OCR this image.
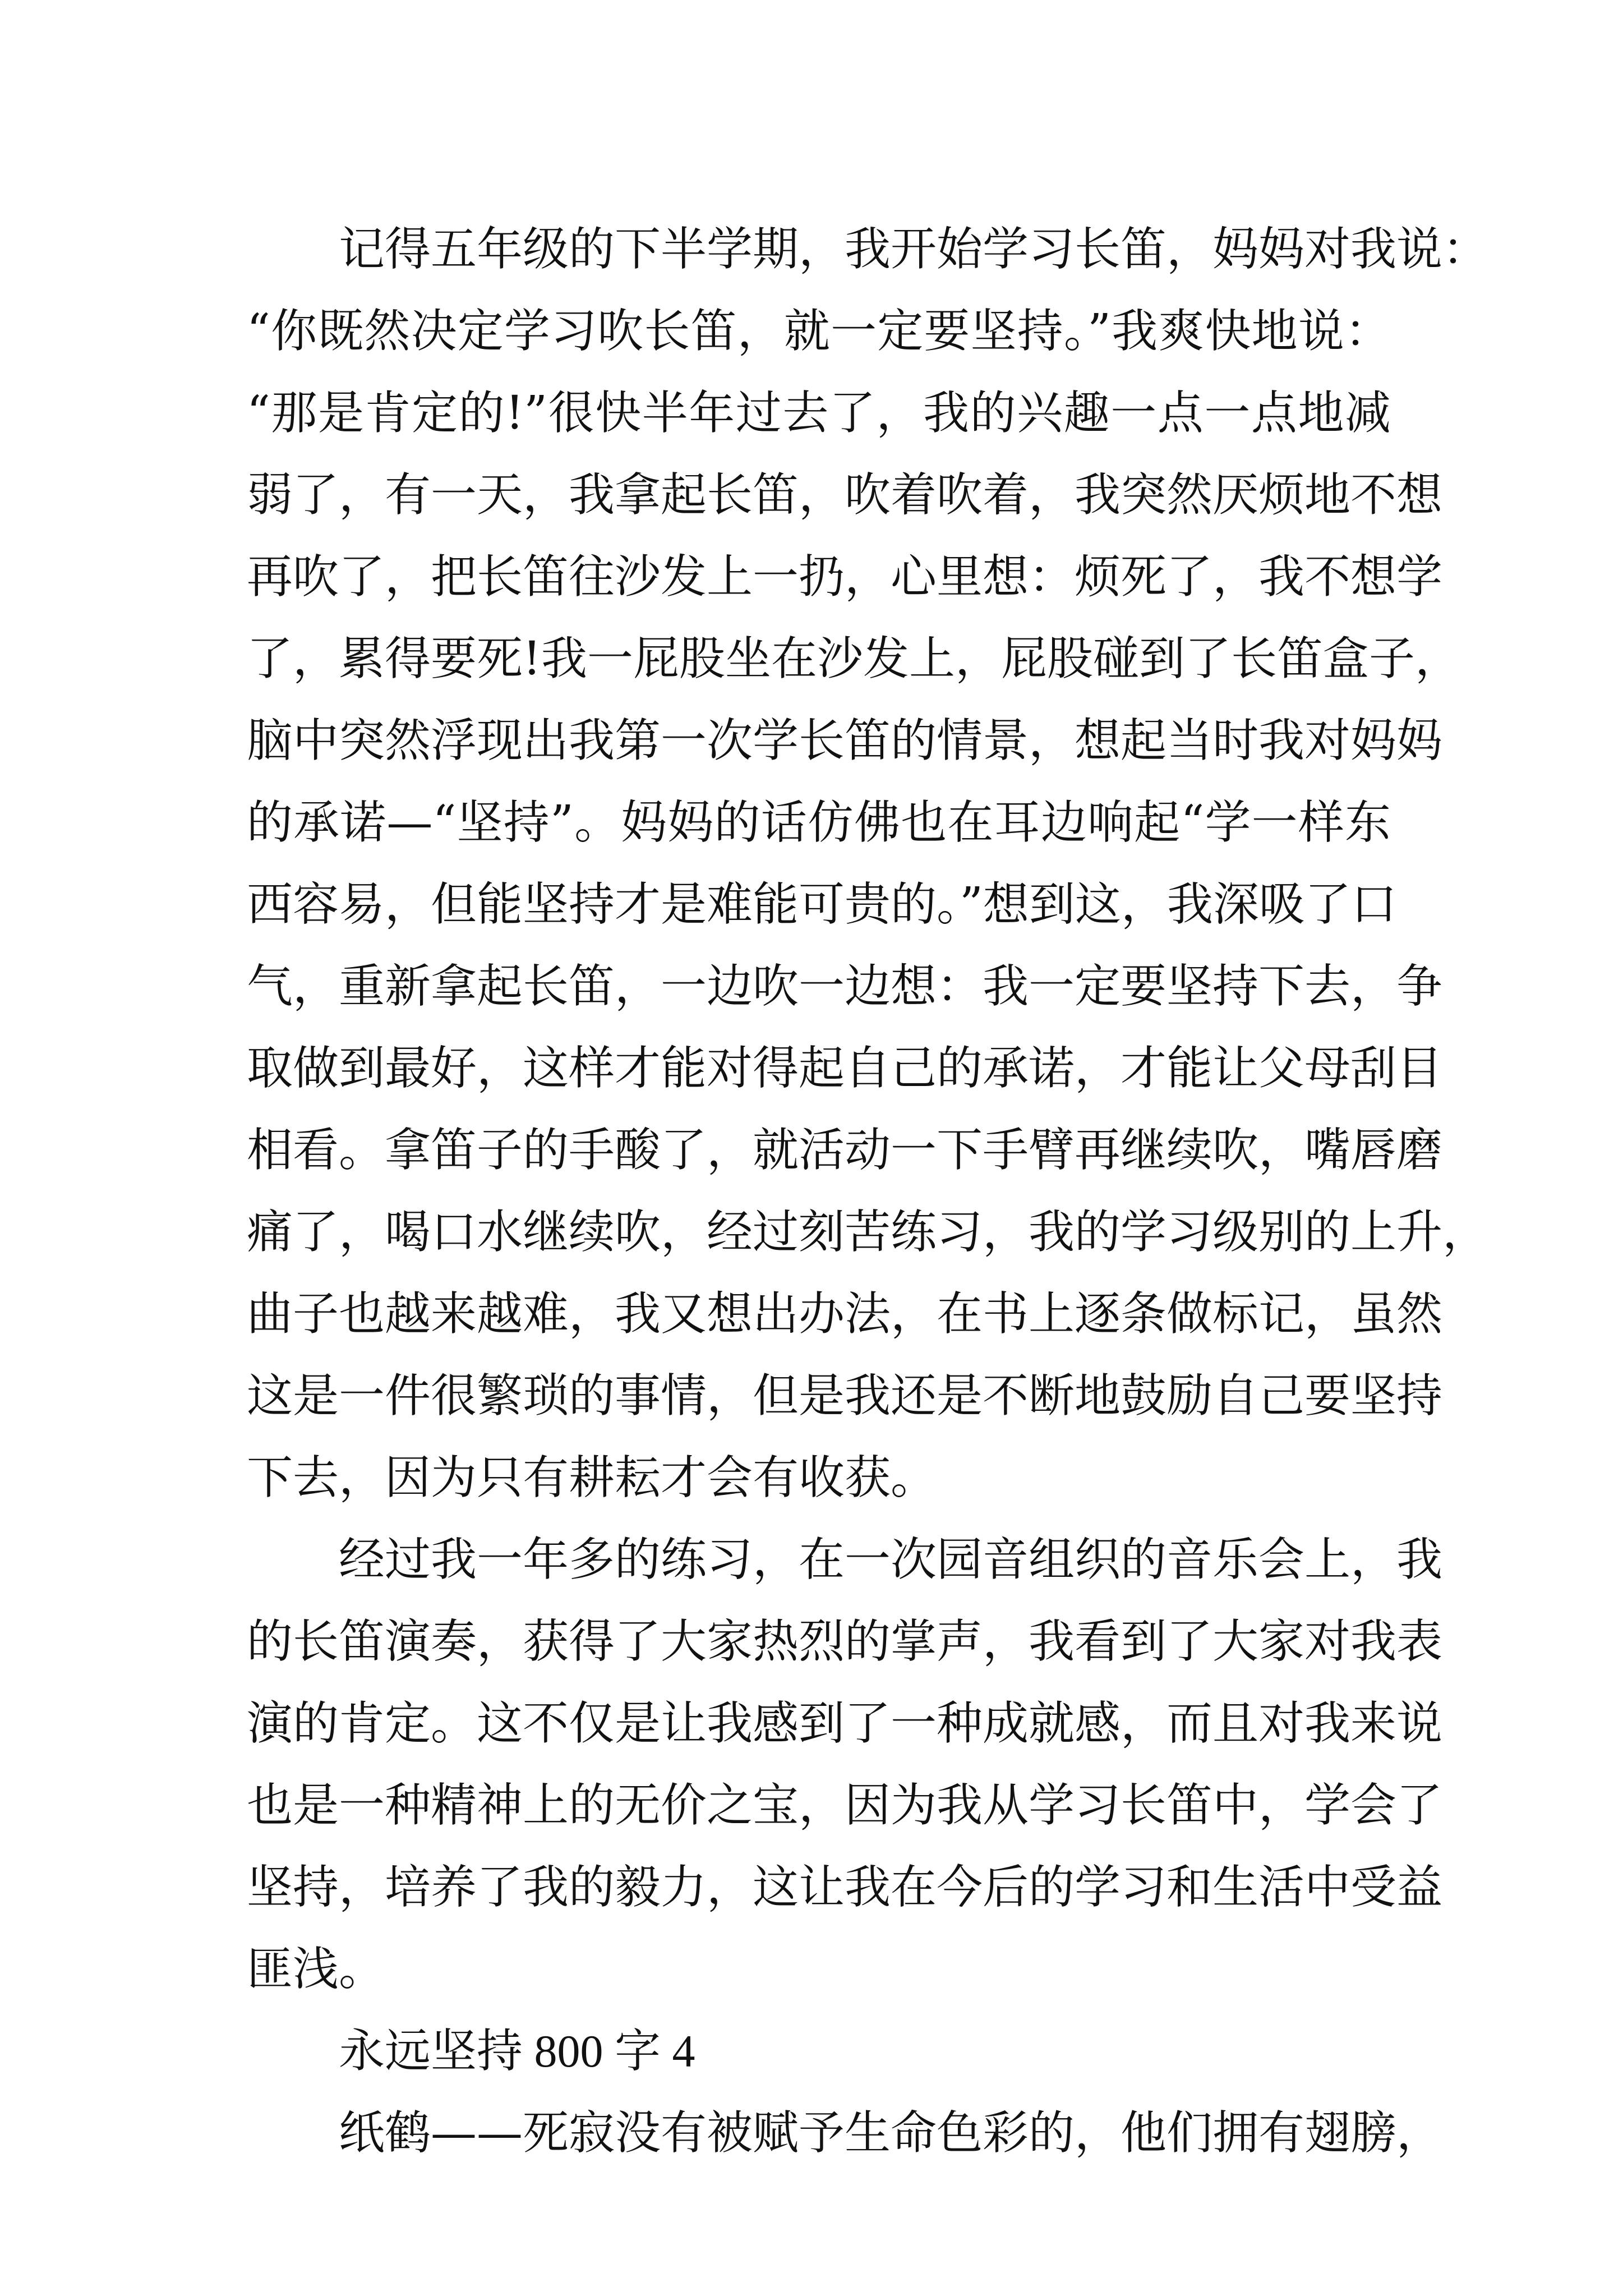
记得五年级的下半学期，我开始学习长笛，妈妈对我说：
“你既然决定学习吹长笛，就一定要坚持。”我爽快地说：
“那是肯定的!”很快半年过去了，我的兴趣一点一点地减
弱了，有一天，我拿起长笛，吹着吹着，我突然厌烦地不想
再吹了，把长笛往沙发上一扔，心里想：烦死了，我不想学
了，累得要死!我一屁股坐在沙发上，屁股碰到了长笛盒子，
脑中突然浮现出我第一次学长笛的情景，想起当时我对妈妈
的承诺—“坚持”。妈妈的话仿佛也在耳边响起“学一样东
西容易，但能坚持才是难能可贵的。”想到这，我深吸了口
气，重新拿起长笛，一边吹一边想：我一定要坚持下去，争
取做到最好，这样才能对得起自己的承诺，才能让父母刮目
相看。拿笛子的手酸了，就活动一下手臂再继续吹，嘴唇磨
痛了，喝口水继续吹，经过刻苦练习，我的学习级别的上升，
曲子也越来越难，我又想出办法，在书上逐条做标记，虽然
这是一件很繁琐的事情，但是我还是不断地鼓励自己要坚持
下去，因为只有耕耘才会有收获。
经过我一年多的练习，在一次园音组织的音乐会上，我
的长笛演奏，获得了大家热烈的掌声，我看到了大家对我表
演的肯定。这不仅是让我感到了一种成就感，而且对我来说
也是一种精神上的无价之宝，因为我从学习长笛中，学会了
坚持，培养了我的毅力，这让我在今后的学习和生活中受益
匪浅。
永远坚持 800 字 4
纸鹤——死寂没有被赋予生命色彩的，他们拥有翅膀，
